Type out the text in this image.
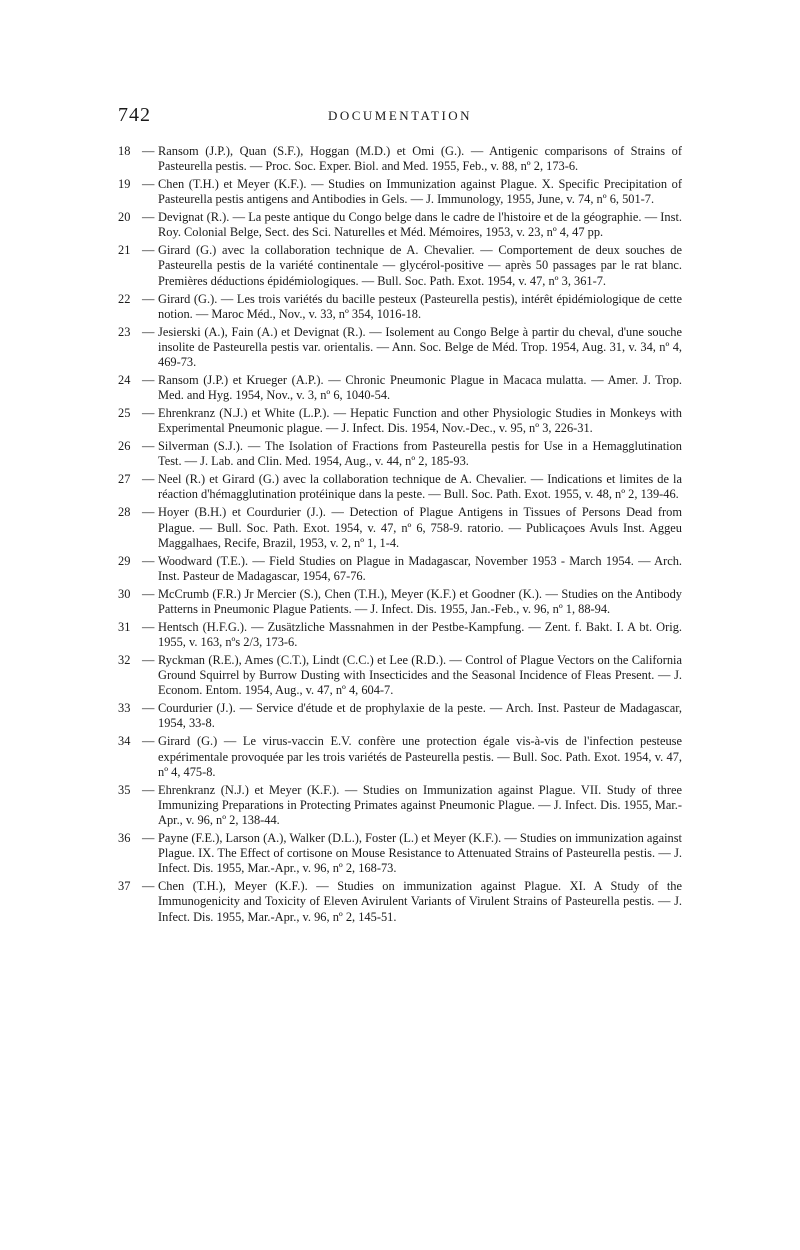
742	DOCUMENTATION
18 — Ransom (J.P.), Quan (S.F.), Hoggan (M.D.) et Omi (G.). — Antigenic comparisons of Strains of Pasteurella pestis. — Proc. Soc. Exper. Biol. and Med. 1955, Feb., v. 88, nº 2, 173-6.
19 — Chen (T.H.) et Meyer (K.F.). — Studies on Immunization against Plague. X. Specific Precipitation of Pasteurella pestis antigens and Antibodies in Gels. — J. Immunology, 1955, June, v. 74, nº 6, 501-7.
20 — Devignat (R.). — La peste antique du Congo belge dans le cadre de l'histoire et de la géographie. — Inst. Roy. Colonial Belge, Sect. des Sci. Naturelles et Méd. Mémoires, 1953, v. 23, nº 4, 47 pp.
21 — Girard (G.) avec la collaboration technique de A. Chevalier. — Comportement de deux souches de Pasteurella pestis de la variété continentale — glycérol-positive — après 50 passages par le rat blanc. Premières déductions épidémiologiques. — Bull. Soc. Path. Exot. 1954, v. 47, nº 3, 361-7.
22 — Girard (G.). — Les trois variétés du bacille pesteux (Pasteurella pestis), intérêt épidémiologique de cette notion. — Maroc Méd., Nov., v. 33, nº 354, 1016-18.
23 — Jesierski (A.), Fain (A.) et Devignat (R.). — Isolement au Congo Belge à partir du cheval, d'une souche insolite de Pasteurella pestis var. orientalis. — Ann. Soc. Belge de Méd. Trop. 1954, Aug. 31, v. 34, nº 4, 469-73.
24 — Ransom (J.P.) et Krueger (A.P.). — Chronic Pneumonic Plague in Macaca mulatta. — Amer. J. Trop. Med. and Hyg. 1954, Nov., v. 3, nº 6, 1040-54.
25 — Ehrenkranz (N.J.) et White (L.P.). — Hepatic Function and other Physiologic Studies in Monkeys with Experimental Pneumonic plague. — J. Infect. Dis. 1954, Nov.-Dec., v. 95, nº 3, 226-31.
26 — Silverman (S.J.). — The Isolation of Fractions from Pasteurella pestis for Use in a Hemagglutination Test. — J. Lab. and Clin. Med. 1954, Aug., v. 44, nº 2, 185-93.
27 — Neel (R.) et Girard (G.) avec la collaboration technique de A. Chevalier. — Indications et limites de la réaction d'hémagglutination protéinique dans la peste. — Bull. Soc. Path. Exot. 1955, v. 48, nº 2, 139-46.
28 — Hoyer (B.H.) et Courdurier (J.). — Detection of Plague Antigens in Tissues of Persons Dead from Plague. — Bull. Soc. Path. Exot. 1954, v. 47, nº 6, 758-9. ratorio. — Publicaçoes Avuls Inst. Aggeu Maggalhaes, Recife, Brazil, 1953, v. 2, nº 1, 1-4.
29 — Woodward (T.E.). — Field Studies on Plague in Madagascar, November 1953 - March 1954. — Arch. Inst. Pasteur de Madagascar, 1954, 67-76.
30 — McCrumb (F.R.) Jr Mercier (S.), Chen (T.H.), Meyer (K.F.) et Goodner (K.). — Studies on the Antibody Patterns in Pneumonic Plague Patients. — J. Infect. Dis. 1955, Jan.-Feb., v. 96, nº 1, 88-94.
31 — Hentsch (H.F.G.). — Zusätzliche Massnahmen in der Pestbe-Kampfung. — Zent. f. Bakt. I. A bt. Orig. 1955, v. 163, nºs 2/3, 173-6.
32 — Ryckman (R.E.), Ames (C.T.), Lindt (C.C.) et Lee (R.D.). — Control of Plague Vectors on the California Ground Squirrel by Burrow Dusting with Insecticides and the Seasonal Incidence of Fleas Present. — J. Econom. Entom. 1954, Aug., v. 47, nº 4, 604-7.
33 — Courdurier (J.). — Service d'étude et de prophylaxie de la peste. — Arch. Inst. Pasteur de Madagascar, 1954, 33-8.
34 — Girard (G.) — Le virus-vaccin E.V. confère une protection égale vis-à-vis de l'infection pesteuse expérimentale provoquée par les trois variétés de Pasteurella pestis. — Bull. Soc. Path. Exot. 1954, v. 47, nº 4, 475-8.
35 — Ehrenkranz (N.J.) et Meyer (K.F.). — Studies on Immunization against Plague. VII. Study of three Immunizing Preparations in Protecting Primates against Pneumonic Plague. — J. Infect. Dis. 1955, Mar.-Apr., v. 96, nº 2, 138-44.
36 — Payne (F.E.), Larson (A.), Walker (D.L.), Foster (L.) et Meyer (K.F.). — Studies on immunization against Plague. IX. The Effect of cortisone on Mouse Resistance to Attenuated Strains of Pasteurella pestis. — J. Infect. Dis. 1955, Mar.-Apr., v. 96, nº 2, 168-73.
37 — Chen (T.H.), Meyer (K.F.). — Studies on immunization against Plague. XI. A Study of the Immunogenicity and Toxicity of Eleven Avirulent Variants of Virulent Strains of Pasteurella pestis. — J. Infect. Dis. 1955, Mar.-Apr., v. 96, nº 2, 145-51.
